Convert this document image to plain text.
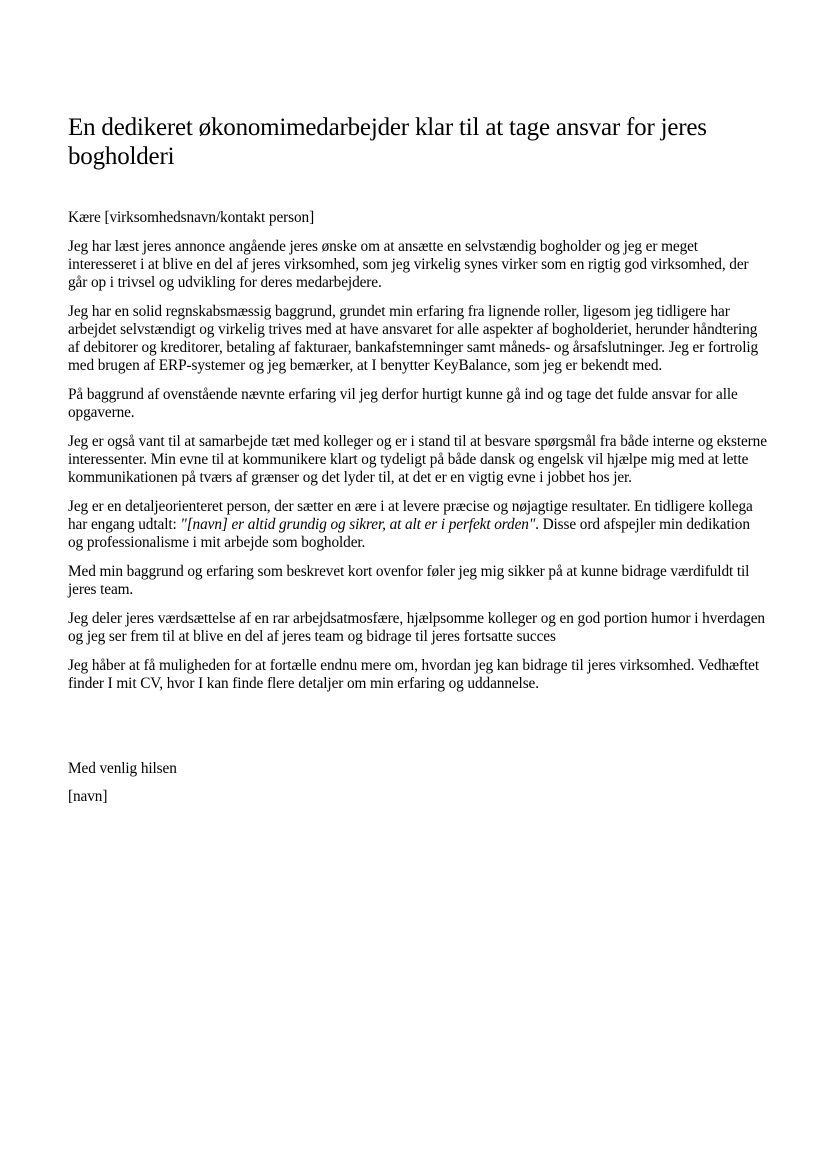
En dedikeret økonomimedarbejder klar til at tage ansvar for jeres bogholderi

Kære [virksomhedsnavn/kontakt person]

Jeg har læst jeres annonce angående jeres ønske om at ansætte en selvstændig bogholder og jeg er meget interesseret i at blive en del af jeres virksomhed, som jeg virkelig synes virker som en rigtig god virksomhed, der går op i trivsel og udvikling for deres medarbejdere.

Jeg har en solid regnskabsmæssig baggrund, grundet min erfaring fra lignende roller, ligesom jeg tidligere har arbejdet selvstændigt og virkelig trives med at have ansvaret for alle aspekter af bogholderiet, herunder håndtering af debitorer og kreditorer, betaling af fakturaer, bankafstemninger samt måneds- og årsafslutninger. Jeg er fortrolig med brugen af ERP-systemer og jeg bemærker, at I benytter KeyBalance, som jeg er bekendt med.

På baggrund af ovenstående nævnte erfaring vil jeg derfor hurtigt kunne gå ind og tage det fulde ansvar for alle opgaverne.

Jeg er også vant til at samarbejde tæt med kolleger og er i stand til at besvare spørgsmål fra både interne og eksterne interessenter. Min evne til at kommunikere klart og tydeligt på både dansk og engelsk vil hjælpe mig med at lette kommunikationen på tværs af grænser og det lyder til, at det er en vigtig evne i jobbet hos jer.

Jeg er en detaljeorienteret person, der sætter en ære i at levere præcise og nøjagtige resultater. En tidligere kollega har engang udtalt: "[navn] er altid grundig og sikrer, at alt er i perfekt orden". Disse ord afspejler min dedikation og professionalisme i mit arbejde som bogholder.

Med min baggrund og erfaring som beskrevet kort ovenfor føler jeg mig sikker på at kunne bidrage værdifuldt til jeres team.

Jeg deler jeres værdsættelse af en rar arbejdsatmosfære, hjælpsomme kolleger og en god portion humor i hverdagen og jeg ser frem til at blive en del af jeres team og bidrage til jeres fortsatte succes

Jeg håber at få muligheden for at fortælle endnu mere om, hvordan jeg kan bidrage til jeres virksomhed. Vedhæftet finder I mit CV, hvor I kan finde flere detaljer om min erfaring og uddannelse.

Med venlig hilsen

[navn]
